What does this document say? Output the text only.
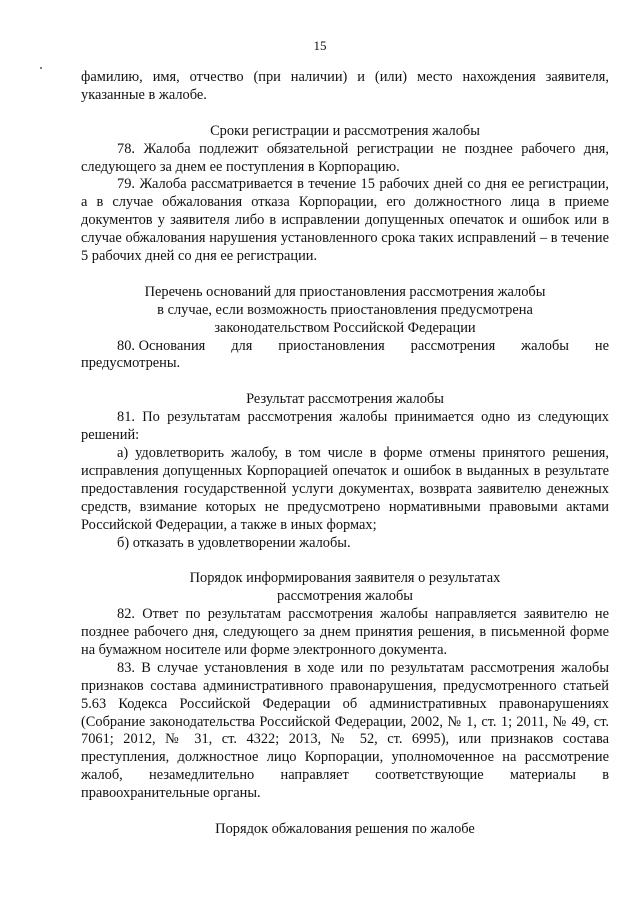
15

фамилию, имя, отчество (при наличии) и (или) место нахождения заявителя, указанные в жалобе.

Сроки регистрации и рассмотрения жалобы

78. Жалоба подлежит обязательной регистрации не позднее рабочего дня, следующего за днем ее поступления в Корпорацию.

79. Жалоба рассматривается в течение 15 рабочих дней со дня ее регистрации, а в случае обжалования отказа Корпорации, его должностного лица в приеме документов у заявителя либо в исправлении допущенных опечаток и ошибок или в случае обжалования нарушения установленного срока таких исправлений – в течение 5 рабочих дней со дня ее регистрации.

Перечень оснований для приостановления рассмотрения жалобы

в случае, если возможность приостановления предусмотрена

законодательством Российской Федерации

80. Основания для приостановления рассмотрения жалобы не

предусмотрены.

Результат рассмотрения жалобы

81. По результатам рассмотрения жалобы принимается одно из следующих решений:

а) удовлетворить жалобу, в том числе в форме отмены принятого решения, исправления допущенных Корпорацией опечаток и ошибок в выданных в результате предоставления государственной услуги документах, возврата заявителю денежных средств, взимание которых не предусмотрено нормативными правовыми актами Российской Федерации, а также в иных формах;

б) отказать в удовлетворении жалобы.

Порядок информирования заявителя о результатах

рассмотрения жалобы

82. Ответ по результатам рассмотрения жалобы направляется заявителю не позднее рабочего дня, следующего за днем принятия решения, в письменной форме на бумажном носителе или форме электронного документа.

83. В случае установления в ходе или по результатам рассмотрения жалобы признаков состава административного правонарушения, предусмотренного статьей 5.63 Кодекса Российской Федерации об административных правонарушениях (Собрание законодательства Российской Федерации, 2002, № 1, ст. 1; 2011, № 49, ст. 7061; 2012, № 31, ст. 4322; 2013, № 52, ст. 6995), или признаков состава преступления, должностное лицо Корпорации, уполномоченное на рассмотрение жалоб, незамедлительно направляет соответствующие материалы в правоохранительные органы.

Порядок обжалования решения по жалобе
